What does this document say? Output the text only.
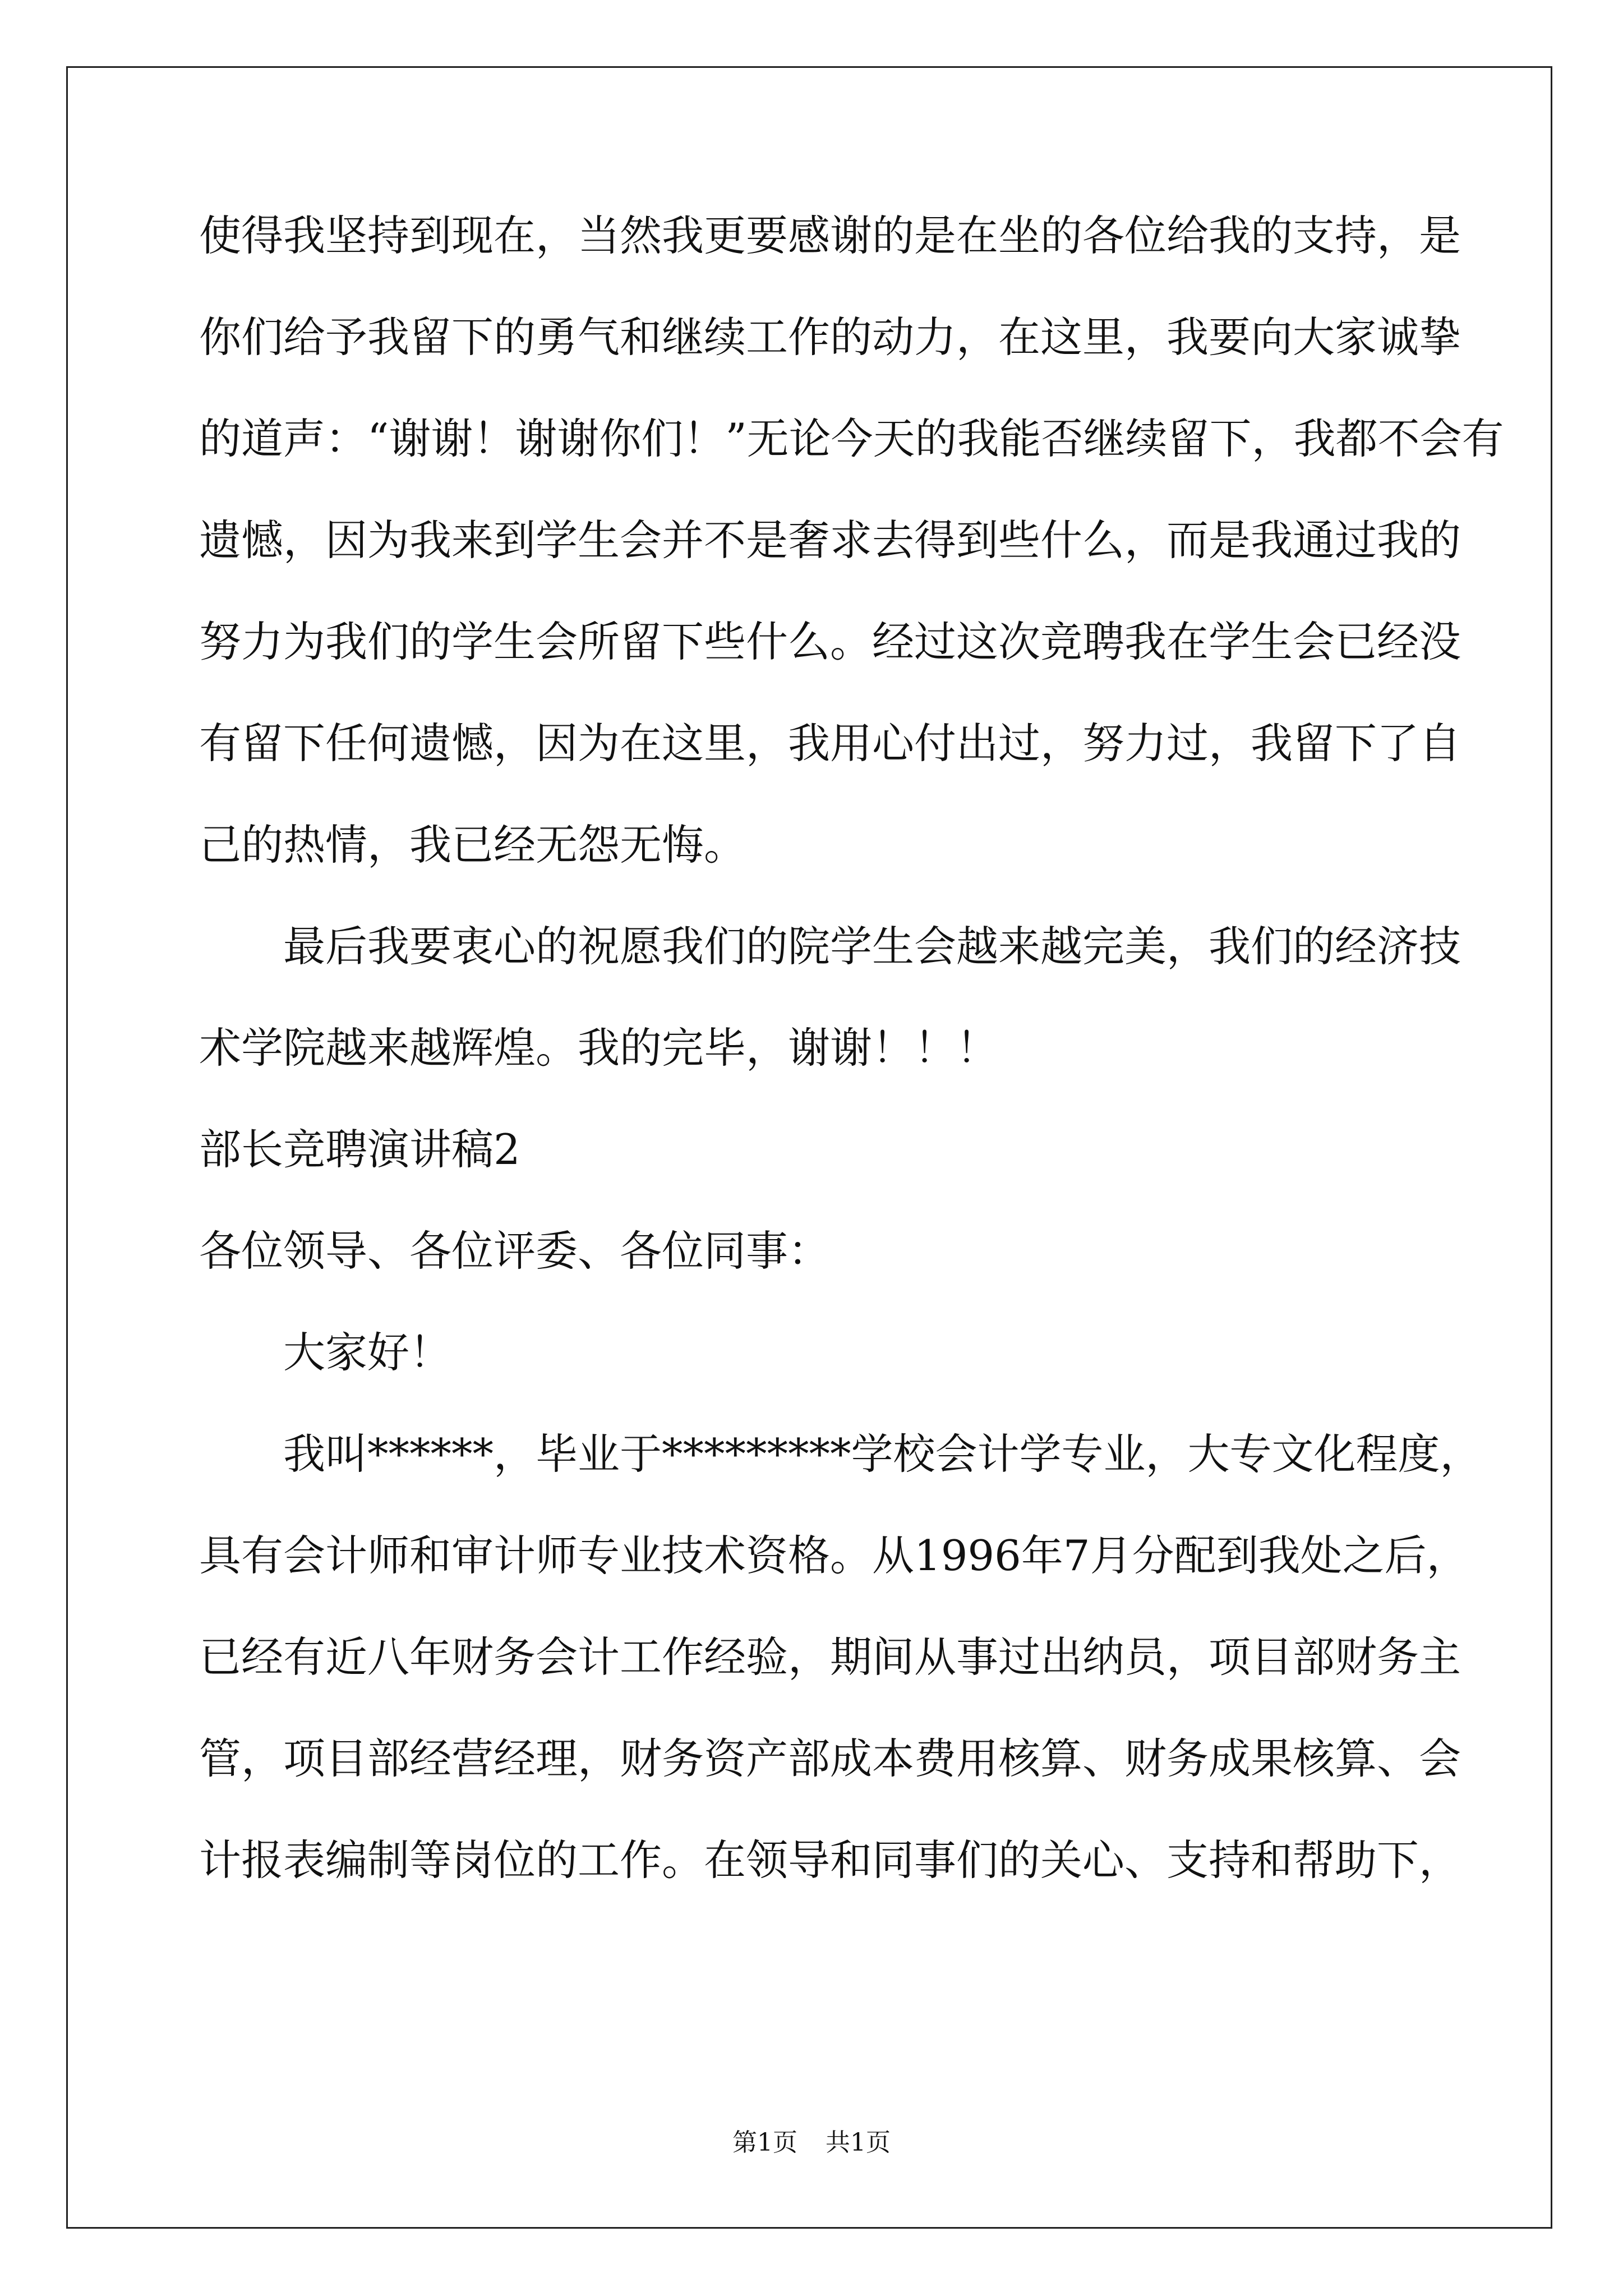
使得我坚持到现在，当然我更要感谢的是在坐的各位给我的支持，是

你们给予我留下的勇气和继续工作的动力，在这里，我要向大家诚挚

的道声：“谢谢！谢谢你们！”无论今天的我能否继续留下，我都不会有

遗憾，因为我来到学生会并不是奢求去得到些什么，而是我通过我的

努力为我们的学生会所留下些什么。经过这次竞聘我在学生会已经没

有留下任何遗憾，因为在这里，我用心付出过，努力过，我留下了自

己的热情，我已经无怨无悔。

最后我要衷心的祝愿我们的院学生会越来越完美，我们的经济技

术学院越来越辉煌。我的完毕，谢谢！！！

部长竞聘演讲稿2

各位领导、各位评委、各位同事：

大家好！

我叫******，毕业于*********学校会计学专业，大专文化程度，

具有会计师和审计师专业技术资格。从1996年7月分配到我处之后，

已经有近八年财务会计工作经验，期间从事过出纳员，项目部财务主

管，项目部经营经理，财务资产部成本费用核算、财务成果核算、会

计报表编制等岗位的工作。在领导和同事们的关心、支持和帮助下，

第1页 共1页
